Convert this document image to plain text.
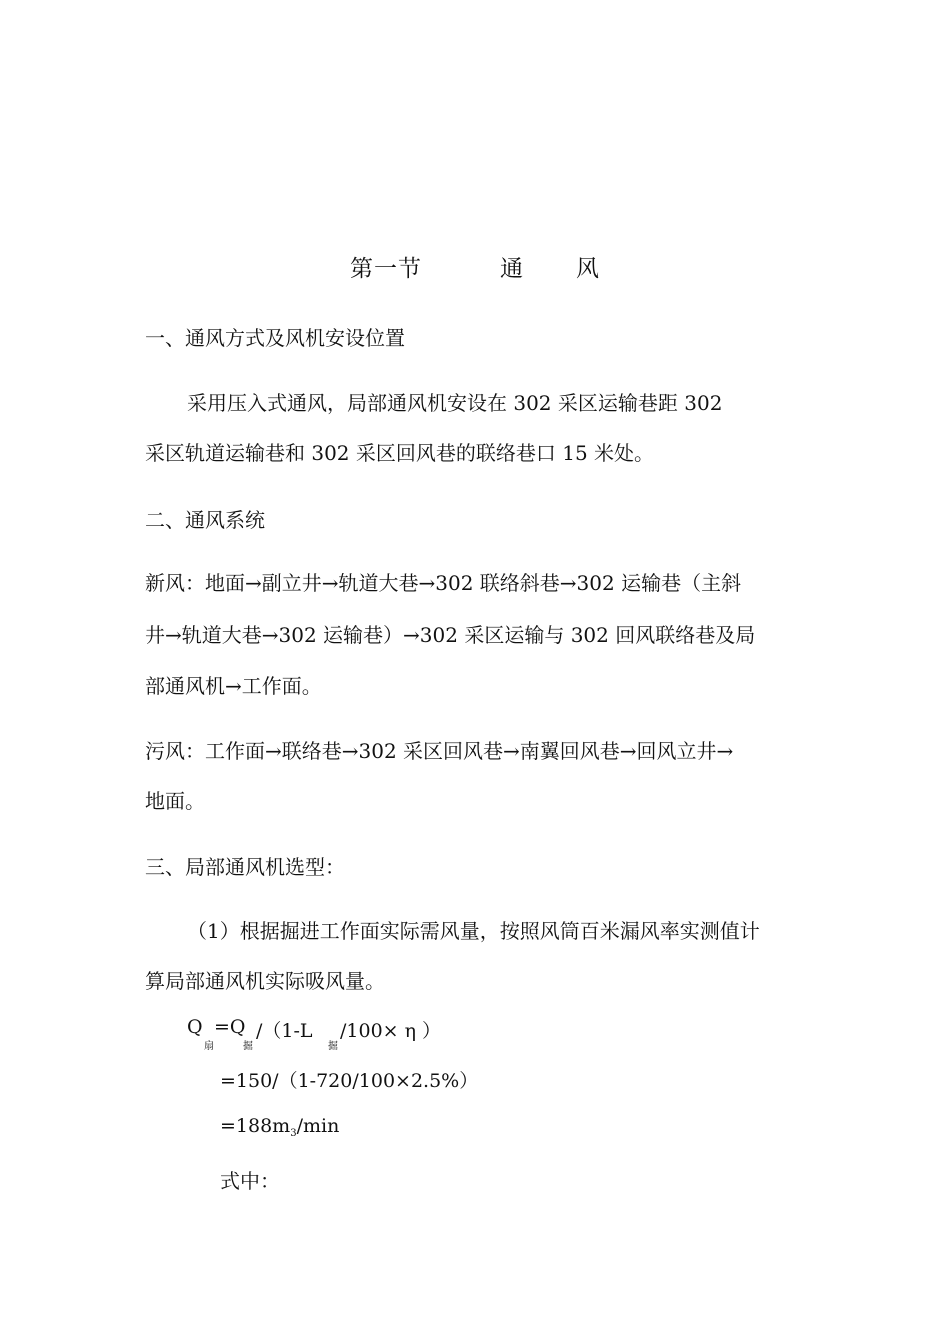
第一节	通 风
一、通风方式及风机安设位置
采用压入式通风，局部通风机安设在 302 采区运输巷距 302
采区轨道运输巷和 302 采区回风巷的联络巷口 15 米处。
二、通风系统
新风：地面→副立井→轨道大巷→302 联络斜巷→302 运输巷（主斜
井→轨道大巷→302 运输巷）→302 采区运输与 302 回风联络巷及局
部通风机→工作面。
污风：工作面→联络巷→302 采区回风巷→南翼回风巷→回风立井→
地面。
三、局部通风机选型：
（1）根据掘进工作面实际需风量，按照风筒百米漏风率实测值计
算局部通风机实际吸风量。
Q
扇
=Q
掘
/（1-L
掘
/100× η ）
=150/（1-720/100×2.5%）
$=188m_3/\min$
式中：
